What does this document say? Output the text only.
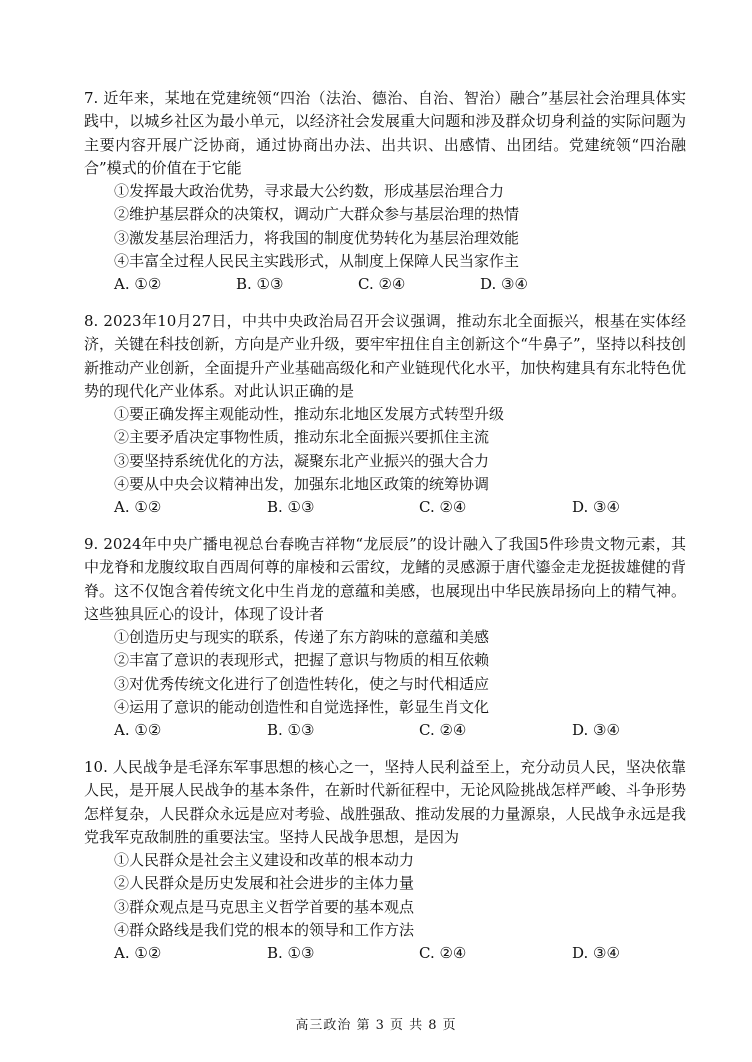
7. 近年来，某地在党建统领“四治（法治、德治、自治、智治）融合”基层社会治理具体实践中，以城乡社区为最小单元，以经济社会发展重大问题和涉及群众切身利益的实际问题为主要内容开展广泛协商，通过协商出办法、出共识、出感情、出团结。党建统领“四治融合”模式的价值在于它能

①发挥最大政治优势，寻求最大公约数，形成基层治理合力

②维护基层群众的决策权，调动广大群众参与基层治理的热情

③激发基层治理活力，将我国的制度优势转化为基层治理效能

④丰富全过程人民民主实践形式，从制度上保障人民当家作主

A. ①②	B. ①③	C. ②④	D. ③④

8. 2023年10月27日，中共中央政治局召开会议强调，推动东北全面振兴，根基在实体经济，关键在科技创新，方向是产业升级，要牢牢扭住自主创新这个“牛鼻子”，坚持以科技创新推动产业创新，全面提升产业基础高级化和产业链现代化水平，加快构建具有东北特色优势的现代化产业体系。对此认识正确的是

①要正确发挥主观能动性，推动东北地区发展方式转型升级

②主要矛盾决定事物性质，推动东北全面振兴要抓住主流

③要坚持系统优化的方法，凝聚东北产业振兴的强大合力

④要从中央会议精神出发，加强东北地区政策的统筹协调

A. ①②	B. ①③	C. ②④	D. ③④

9. 2024年中央广播电视总台春晚吉祥物“龙辰辰”的设计融入了我国5件珍贵文物元素，其中龙脊和龙腹纹取自西周何尊的扉棱和云雷纹，龙鳍的灵感源于唐代鎏金走龙挺拔雄健的背脊。这不仅饱含着传统文化中生肖龙的意蕴和美感，也展现出中华民族昂扬向上的精气神。这些独具匠心的设计，体现了设计者

①创造历史与现实的联系，传递了东方韵味的意蕴和美感

②丰富了意识的表现形式，把握了意识与物质的相互依赖

③对优秀传统文化进行了创造性转化，使之与时代相适应

④运用了意识的能动创造性和自觉选择性，彰显生肖文化

A. ①②	B. ①③	C. ②④	D. ③④

10. 人民战争是毛泽东军事思想的核心之一，坚持人民利益至上，充分动员人民，坚决依靠人民，是开展人民战争的基本条件，在新时代新征程中，无论风险挑战怎样严峻、斗争形势怎样复杂，人民群众永远是应对考验、战胜强敌、推动发展的力量源泉，人民战争永远是我党我军克敌制胜的重要法宝。坚持人民战争思想，是因为

①人民群众是社会主义建设和改革的根本动力

②人民群众是历史发展和社会进步的主体力量

③群众观点是马克思主义哲学首要的基本观点

④群众路线是我们党的根本的领导和工作方法

A. ①②	B. ①③	C. ②④	D. ③④
高三政治 第 3 页 共 8 页
